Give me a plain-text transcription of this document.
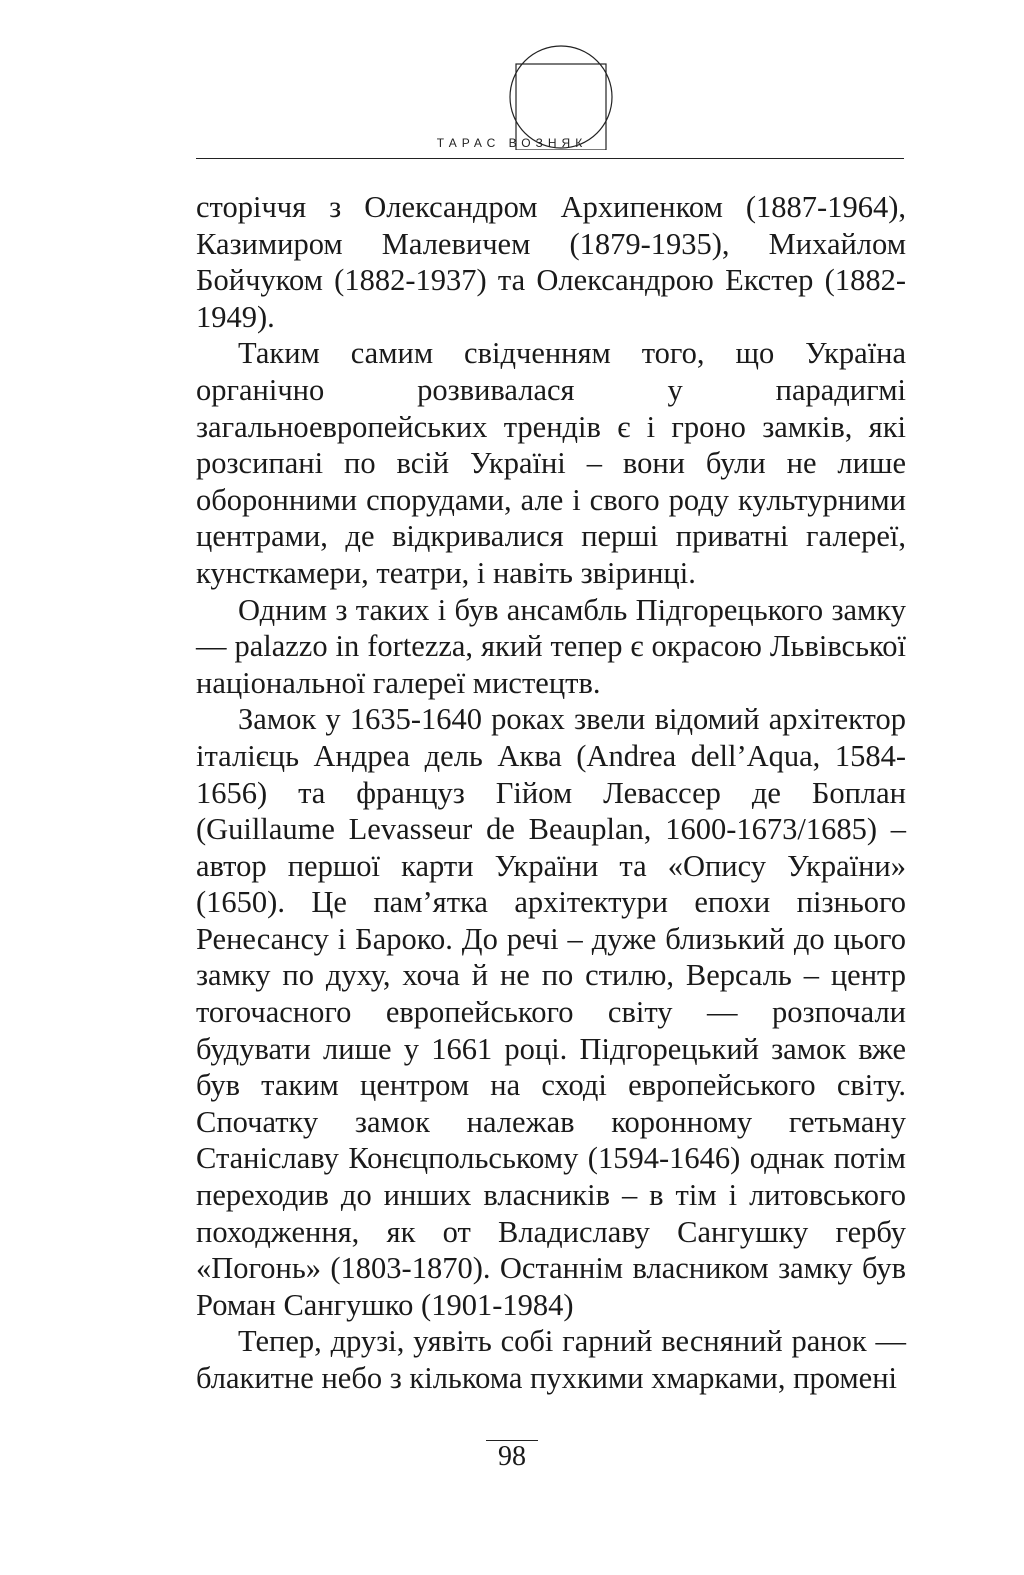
ТАРАС ВОЗНЯК

сторіччя з Олександром Архипенком (1887-1964), Казимиром Малевичем (1879-1935), Михайлом Бойчуком (1882-1937) та Олександрою Екстер (1882-1949).

Таким самим свідченням того, що Україна органічно розвивалася у парадигмі загальноевропейських трендів є і гроно замків, які розсипані по всій Україні – вони були не лише оборонними спорудами, але і свого роду культурними центрами, де відкривалися перші приватні галереї, кунсткамери, театри, і навіть звіринці.

Одним з таких і був ансамбль Підгорецького замку — palazzo in fortezza, який тепер є окрасою Львівської національної галереї мистецтв.

Замок у 1635-1640 роках звели відомий архітектор італієць Андреа дель Аква (Andrea dell’Aqua, 1584-1656) та француз Гійом Левассер де Боплан (Guillaume Levasseur de Beauplan, 1600-1673/1685) – автор першої карти України та «Опису України» (1650). Це пам’ятка архітектури епохи пізнього Ренесансу і Бароко. До речі – дуже близький до цього замку по духу, хоча й не по стилю, Версаль – центр тогочасного европейського світу — розпочали будувати лише у 1661 році. Підгорецький замок вже був таким центром на сході европейського світу. Спочатку замок належав коронному гетьману Станіславу Конєцпольському (1594-1646) однак потім переходив до инших власників – в тім і литовського походження, як от Владиславу Сангушку гербу «Погонь» (1803-1870). Останнім власником замку був Роман Сангушко (1901-1984)

Тепер, друзі, уявіть собі гарний весняний ранок — блакитне небо з кількома пухкими хмарками, промені

98
